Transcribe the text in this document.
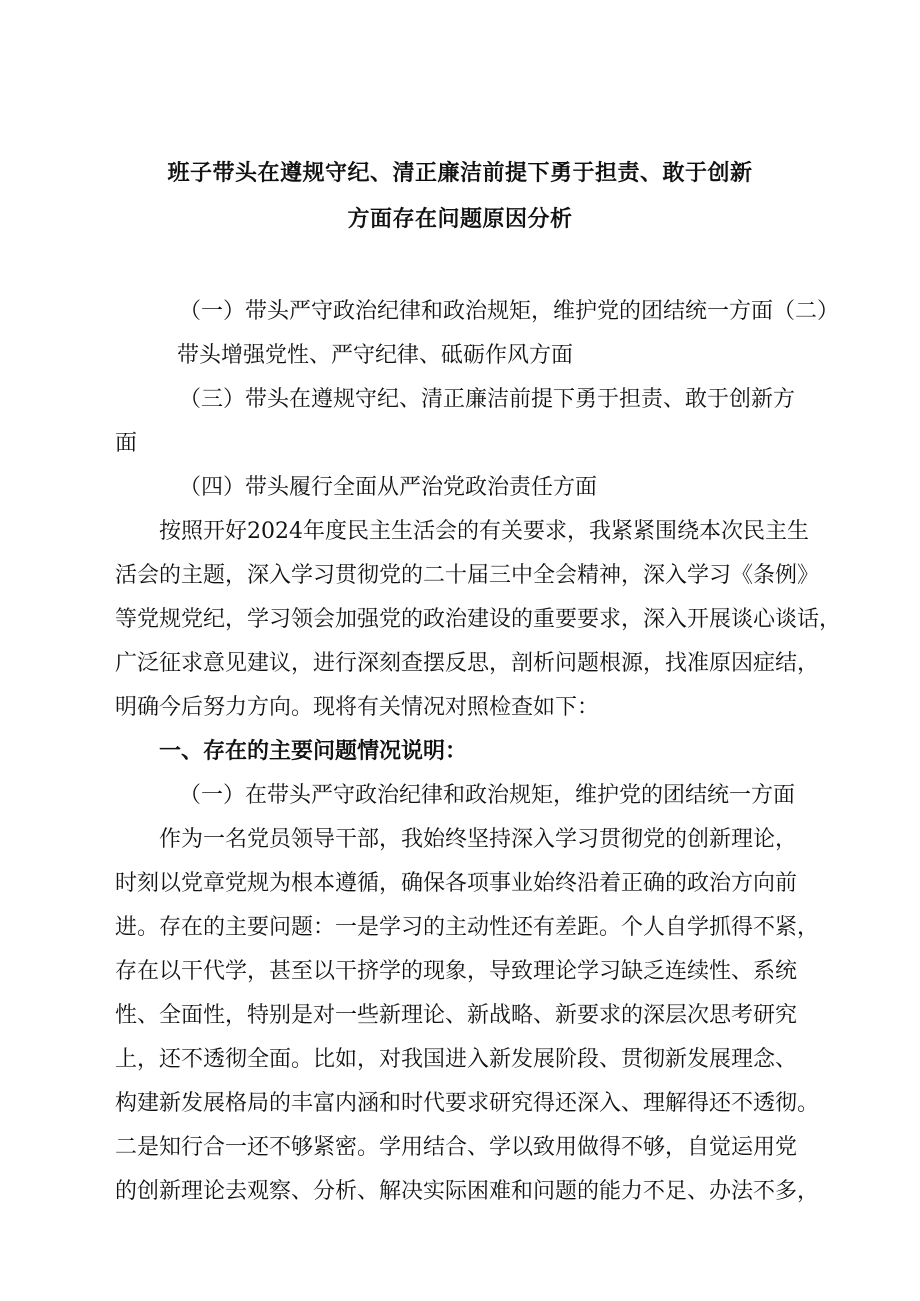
班子带头在遵规守纪、清正廉洁前提下勇于担责、敢于创新
方面存在问题原因分析
（一）带头严守政治纪律和政治规矩，维护党的团结统一方面（二）
带头增强党性、严守纪律、砥砺作风方面
（三）带头在遵规守纪、清正廉洁前提下勇于担责、敢于创新方
面
（四）带头履行全面从严治党政治责任方面
按照开好2024年度民主生活会的有关要求，我紧紧围绕本次民主生
活会的主题，深入学习贯彻党的二十届三中全会精神，深入学习《条例》
等党规党纪，学习领会加强党的政治建设的重要要求，深入开展谈心谈话，
广泛征求意见建议，进行深刻查摆反思，剖析问题根源，找准原因症结，
明确今后努力方向。现将有关情况对照检查如下：
一、存在的主要问题情况说明：
（一）在带头严守政治纪律和政治规矩，维护党的团结统一方面
作为一名党员领导干部，我始终坚持深入学习贯彻党的创新理论，
时刻以党章党规为根本遵循，确保各项事业始终沿着正确的政治方向前
进。存在的主要问题：一是学习的主动性还有差距。个人自学抓得不紧，
存在以干代学，甚至以干挤学的现象，导致理论学习缺乏连续性、系统
性、全面性，特别是对一些新理论、新战略、新要求的深层次思考研究
上，还不透彻全面。比如，对我国进入新发展阶段、贯彻新发展理念、
构建新发展格局的丰富内涵和时代要求研究得还深入、理解得还不透彻。
二是知行合一还不够紧密。学用结合、学以致用做得不够，自觉运用党
的创新理论去观察、分析、解决实际困难和问题的能力不足、办法不多，
